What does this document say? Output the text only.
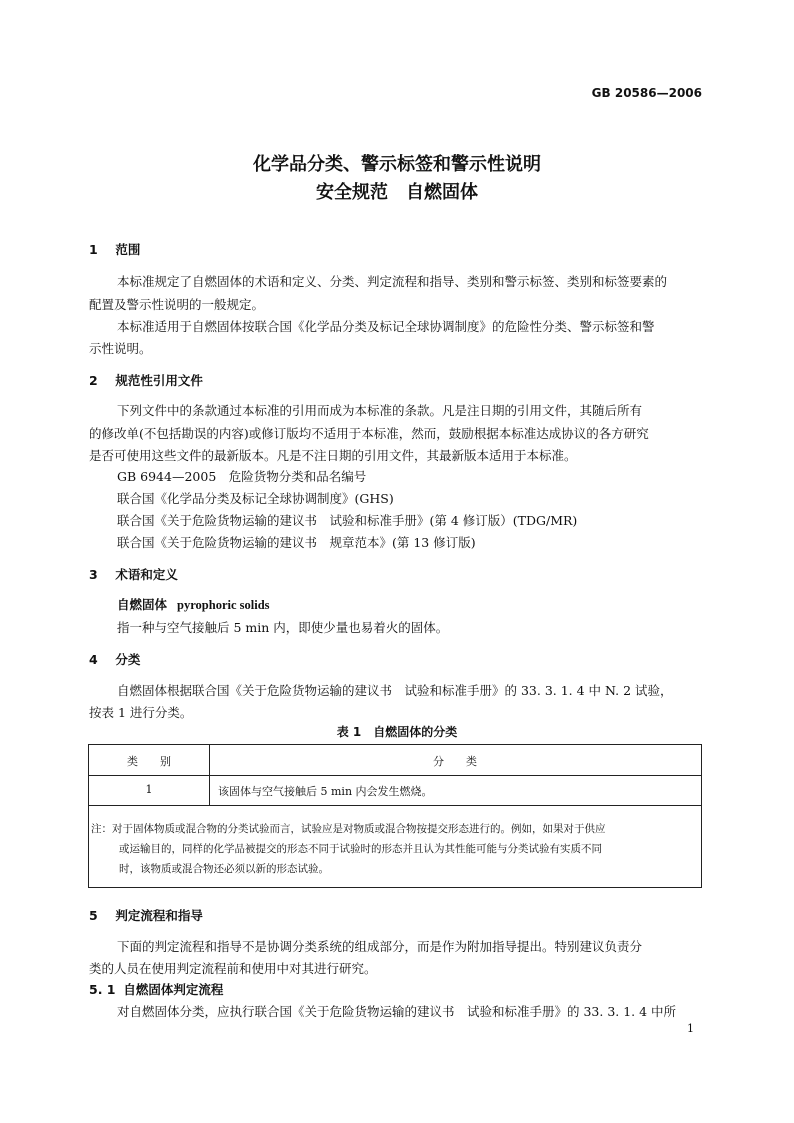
GB 20586—2006
化学品分类、警示标签和警示性说明
安全规范　自燃固体
1 范围
本标准规定了自燃固体的术语和定义、分类、判定流程和指导、类别和警示标签、类别和标签要素的
配置及警示性说明的一般规定。
本标准适用于自燃固体按联合国《化学品分类及标记全球协调制度》的危险性分类、警示标签和警
示性说明。
2 规范性引用文件
下列文件中的条款通过本标准的引用而成为本标准的条款。凡是注日期的引用文件，其随后所有
的修改单(不包括勘误的内容)或修订版均不适用于本标准，然而，鼓励根据本标准达成协议的各方研究
是否可使用这些文件的最新版本。凡是不注日期的引用文件，其最新版本适用于本标准。
GB 6944—2005　危险货物分类和品名编号
联合国《化学品分类及标记全球协调制度》(GHS)
联合国《关于危险货物运输的建议书　试验和标准手册》(第 4 修订版）(TDG/MR)
联合国《关于危险货物运输的建议书　规章范本》(第 13 修订版)
3 术语和定义
自燃固体 pyrophoric solids
指一种与空气接触后 5 min 内，即使少量也易着火的固体。
4 分类
自燃固体根据联合国《关于危险货物运输的建议书　试验和标准手册》的 33. 3. 1. 4 中 N. 2 试验，
按表 1 进行分类。
表 1　自燃固体的分类
类　　别	分　　类
1	该固体与空气接触后 5 min 内会发生燃烧。
注：对于固体物质或混合物的分类试验而言，试验应是对物质或混合物按提交形态进行的。例如，如果对于供应
或运输目的，同样的化学品被提交的形态不同于试验时的形态并且认为其性能可能与分类试验有实质不同
时，该物质或混合物还必须以新的形态试验。
5 判定流程和指导
下面的判定流程和指导不是协调分类系统的组成部分，而是作为附加指导提出。特别建议负责分
类的人员在使用判定流程前和使用中对其进行研究。
5. 1 自燃固体判定流程
对自燃固体分类，应执行联合国《关于危险货物运输的建议书　试验和标准手册》的 33. 3. 1. 4 中所
1
